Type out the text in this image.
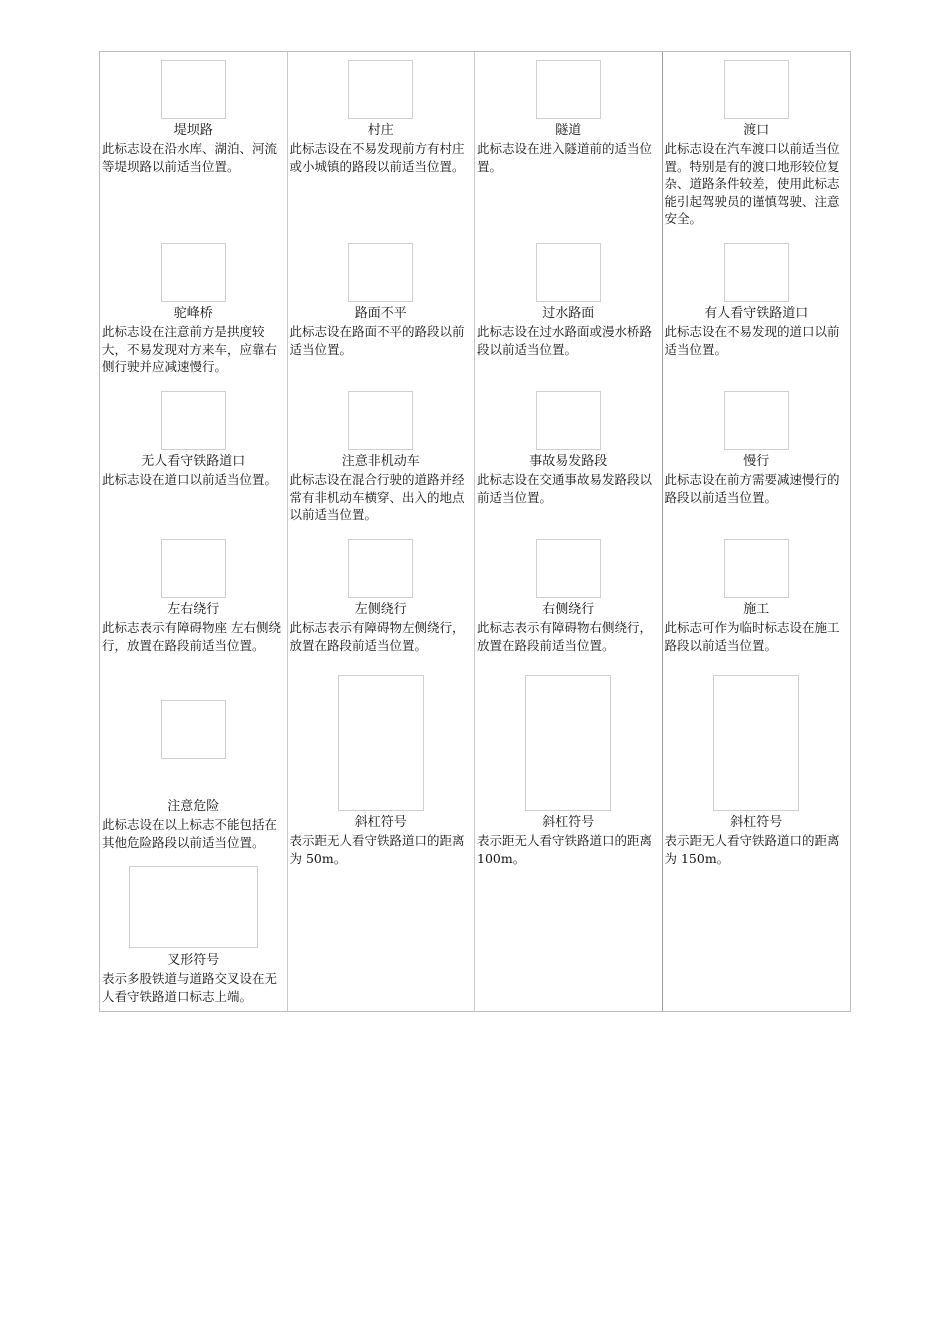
堤坝路
此标志设在沿水库、湖泊、河流等堤坝路以前适当位置。
村庄
此标志设在不易发现前方有村庄或小城镇的路段以前适当位置。
隧道
此标志设在进入隧道前的适当位置。
渡口
此标志设在汽车渡口以前适当位置。特别是有的渡口地形较位复杂、道路条件较差，使用此标志能引起驾驶员的谨慎驾驶、注意安全。
驼峰桥
此标志设在注意前方是拱度较大，不易发现对方来车，应靠右侧行驶并应减速慢行。
路面不平
此标志设在路面不平的路段以前适当位置。
过水路面
此标志设在过水路面或漫水桥路段以前适当位置。
有人看守铁路道口
此标志设在不易发现的道口以前适当位置。
无人看守铁路道口
此标志设在道口以前适当位置。
注意非机动车
此标志设在混合行驶的道路并经常有非机动车横穿、出入的地点以前适当位置。
事故易发路段
此标志设在交通事故易发路段以前适当位置。
慢行
此标志设在前方需要减速慢行的路段以前适当位置。
左右绕行
此标志表示有障碍物座 左右侧绕行，放置在路段前适当位置。
左侧绕行
此标志表示有障碍物左侧绕行，放置在路段前适当位置。
右侧绕行
此标志表示有障碍物右侧绕行，放置在路段前适当位置。
施工
此标志可作为临时标志设在施工路段以前适当位置。
注意危险
此标志设在以上标志不能包括在其他危险路段以前适当位置。
斜杠符号
表示距无人看守铁路道口的距离为 50m。
斜杠符号
表示距无人看守铁路道口的距离 100m。
斜杠符号
表示距无人看守铁路道口的距离为 150m。
叉形符号
表示多股铁道与道路交叉设在无人看守铁路道口标志上端。
